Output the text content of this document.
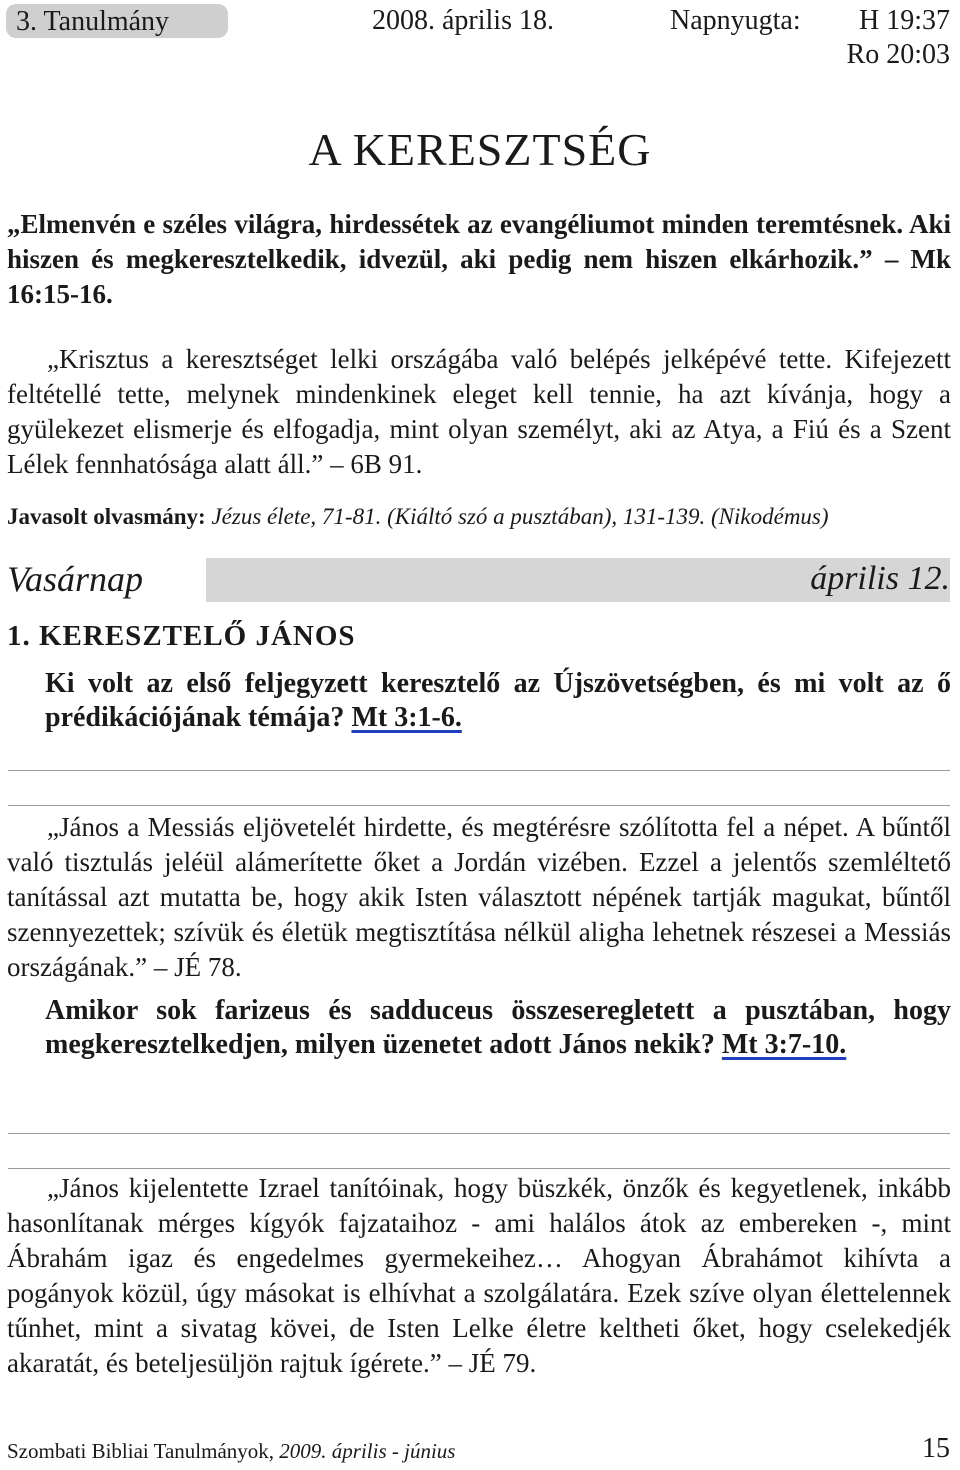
3. Tanulmány	2008. április 18.	Napnyugta: H 19:37
Ro 20:03
A KERESZTSÉG

„Elmenvén e széles világra, hirdessétek az evangéliumot minden teremtésnek. Aki hiszen és megkeresztelkedik, idvezül, aki pedig nem hiszen elkárhozik.” – Mk 16:15-16.

„Krisztus a keresztséget lelki országába való belépés jelképévé tette. Kifejezett feltétellé tette, melynek mindenkinek eleget kell tennie, ha azt kívánja, hogy a gyülekezet elismerje és elfogadja, mint olyan személyt, aki az Atya, a Fiú és a Szent Lélek fennhatósága alatt áll.” – 6B 91.

Javasolt olvasmány: Jézus élete, 71-81. (Kiáltó szó a pusztában), 131-139. (Nikodémus)
Vasárnap	április 12.
1. KERESZTELŐ JÁNOS
Ki volt az első feljegyzett keresztelő az Újszövetségben, és mi volt az ő prédikációjának témája? Mt 3:1-6.

„János a Messiás eljövetelét hirdette, és megtérésre szólította fel a népet. A bűntől való tisztulás jeléül alámerítette őket a Jordán vizében. Ezzel a jelentős szemléltető tanítással azt mutatta be, hogy akik Isten választott népének tartják magukat, bűntől szennyezettek; szívük és életük megtisztítása nélkül aligha lehetnek részesei a Messiás országának.” – JÉ 78.

Amikor sok farizeus és sadduceus összeseregletett a pusztában, hogy megkeresztelkedjen, milyen üzenetet adott János nekik? Mt 3:7-10.

„János kijelentette Izrael tanítóinak, hogy büszkék, önzők és kegyetlenek, inkább hasonlítanak mérges kígyók fajzataihoz - ami halálos átok az embereken -, mint Ábrahám igaz és engedelmes gyermekeihez… Ahogyan Ábrahámot kihívta a pogányok közül, úgy másokat is elhívhat a szolgálatára. Ezek szíve olyan élettelennek tűnhet, mint a sivatag kövei, de Isten Lelke életre keltheti őket, hogy cselekedjék akaratát, és beteljesüljön rajtuk ígérete.” – JÉ 79.

Szombati Bibliai Tanulmányok, 2009. április - június	15
